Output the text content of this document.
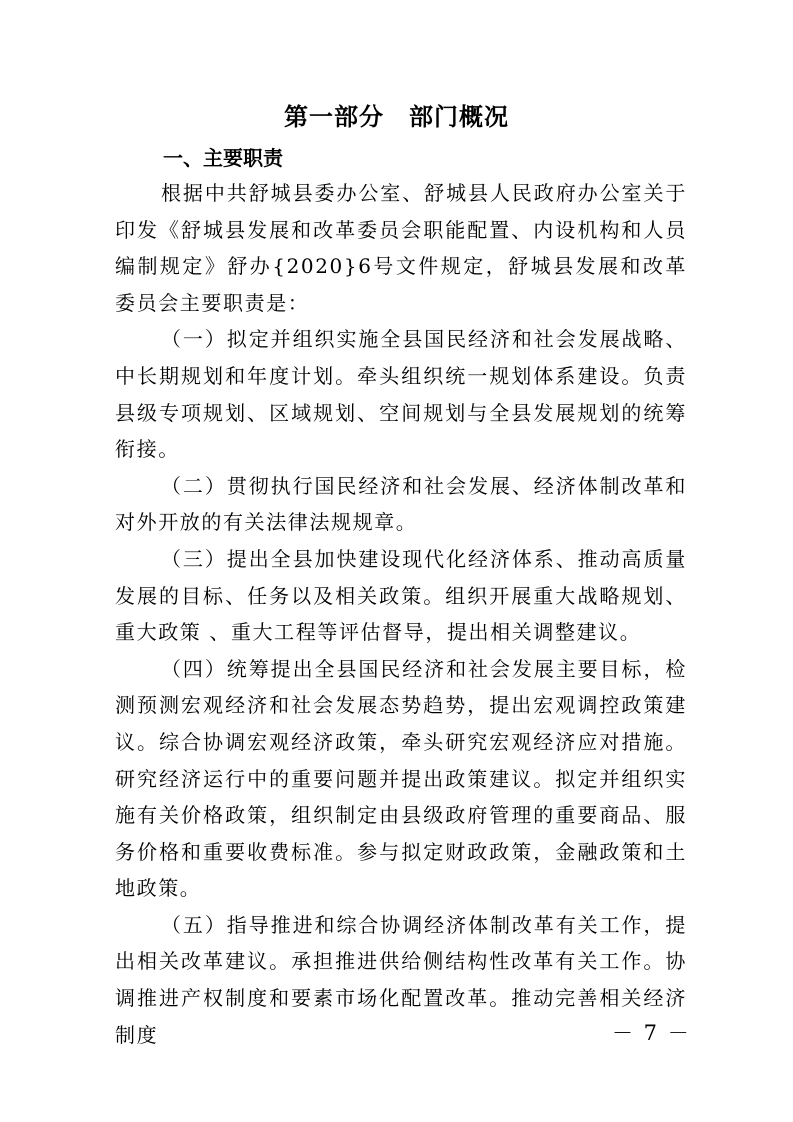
第一部分　部门概况
一、主要职责

根据中共舒城县委办公室、舒城县人民政府办公室关于印发《舒城县发展和改革委员会职能配置、内设机构和人员编制规定》舒办{2020}6号文件规定，舒城县发展和改革委员会主要职责是：

（一）拟定并组织实施全县国民经济和社会发展战略、中长期规划和年度计划。牵头组织统一规划体系建设。负责 县级专项规划、区域规划、空间规划与全县发展规划的统筹 衔接。

（二）贯彻执行国民经济和社会发展、经济体制改革和对外开放的有关法律法规规章。

（三）提出全县加快建设现代化经济体系、推动高质量发展的目标、任务以及相关政策。组织开展重大战略规划、重大政策 、重大工程等评估督导，提出相关调整建议。

（四）统筹提出全县国民经济和社会发展主要目标，检测预测宏观经济和社会发展态势趋势，提出宏观调控政策建议。综合协调宏观经济政策，牵头研究宏观经济应对措施。研究经济运行中的重要问题并提出政策建议。拟定并组织实施有关价格政策，组织制定由县级政府管理的重要商品、服务价格和重要收费标准。参与拟定财政政策，金融政策和土地政策。

（五）指导推进和综合协调经济体制改革有关工作，提出相关改革建议。承担推进供给侧结构性改革有关工作。协调推进产权制度和要素市场化配置改革。推动完善相关经济制度	－ 7 －
